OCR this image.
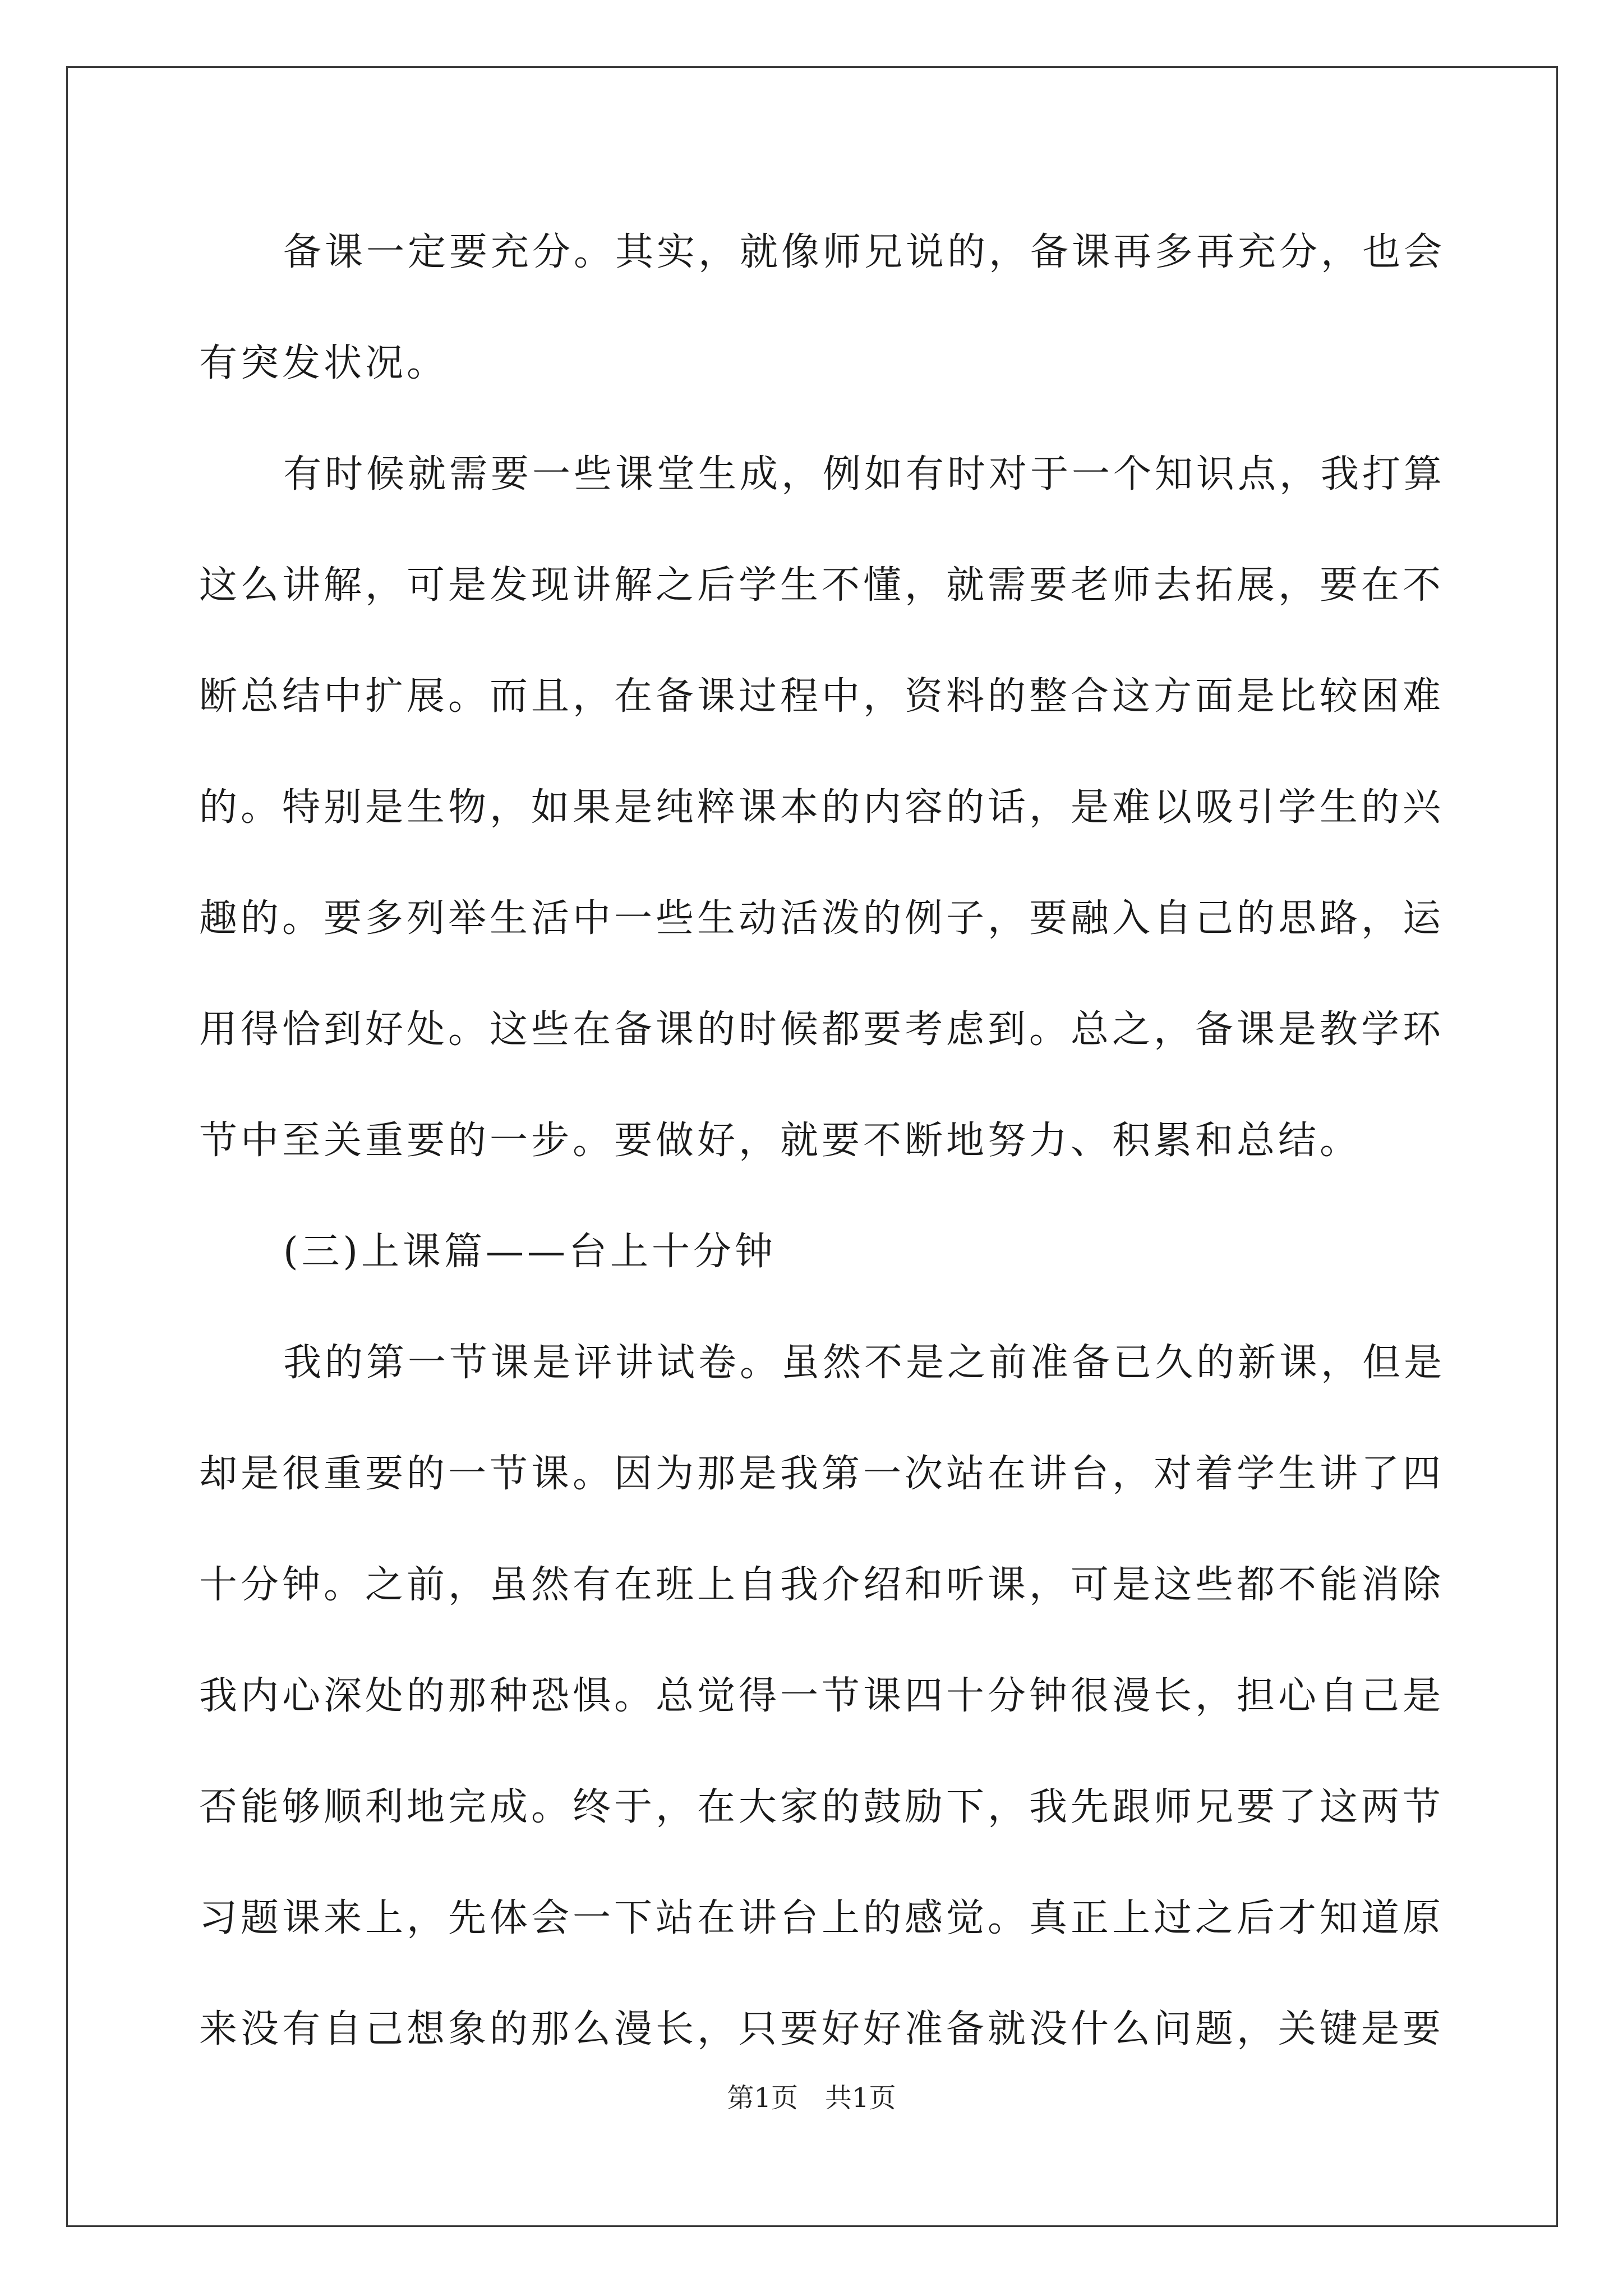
备课一定要充分。其实，就像师兄说的，备课再多再充分，也会
有突发状况。
有时候就需要一些课堂生成，例如有时对于一个知识点，我打算
这么讲解，可是发现讲解之后学生不懂，就需要老师去拓展，要在不
断总结中扩展。而且，在备课过程中，资料的整合这方面是比较困难
的。特别是生物，如果是纯粹课本的内容的话，是难以吸引学生的兴
趣的。要多列举生活中一些生动活泼的例子，要融入自己的思路，运
用得恰到好处。这些在备课的时候都要考虑到。总之，备课是教学环
节中至关重要的一步。要做好，就要不断地努力、积累和总结。
(三)上课篇——台上十分钟
我的第一节课是评讲试卷。虽然不是之前准备已久的新课，但是
却是很重要的一节课。因为那是我第一次站在讲台，对着学生讲了四
十分钟。之前，虽然有在班上自我介绍和听课，可是这些都不能消除
我内心深处的那种恐惧。总觉得一节课四十分钟很漫长，担心自己是
否能够顺利地完成。终于，在大家的鼓励下，我先跟师兄要了这两节
习题课来上，先体会一下站在讲台上的感觉。真正上过之后才知道原
来没有自己想象的那么漫长，只要好好准备就没什么问题，关键是要
第1页　共1页
